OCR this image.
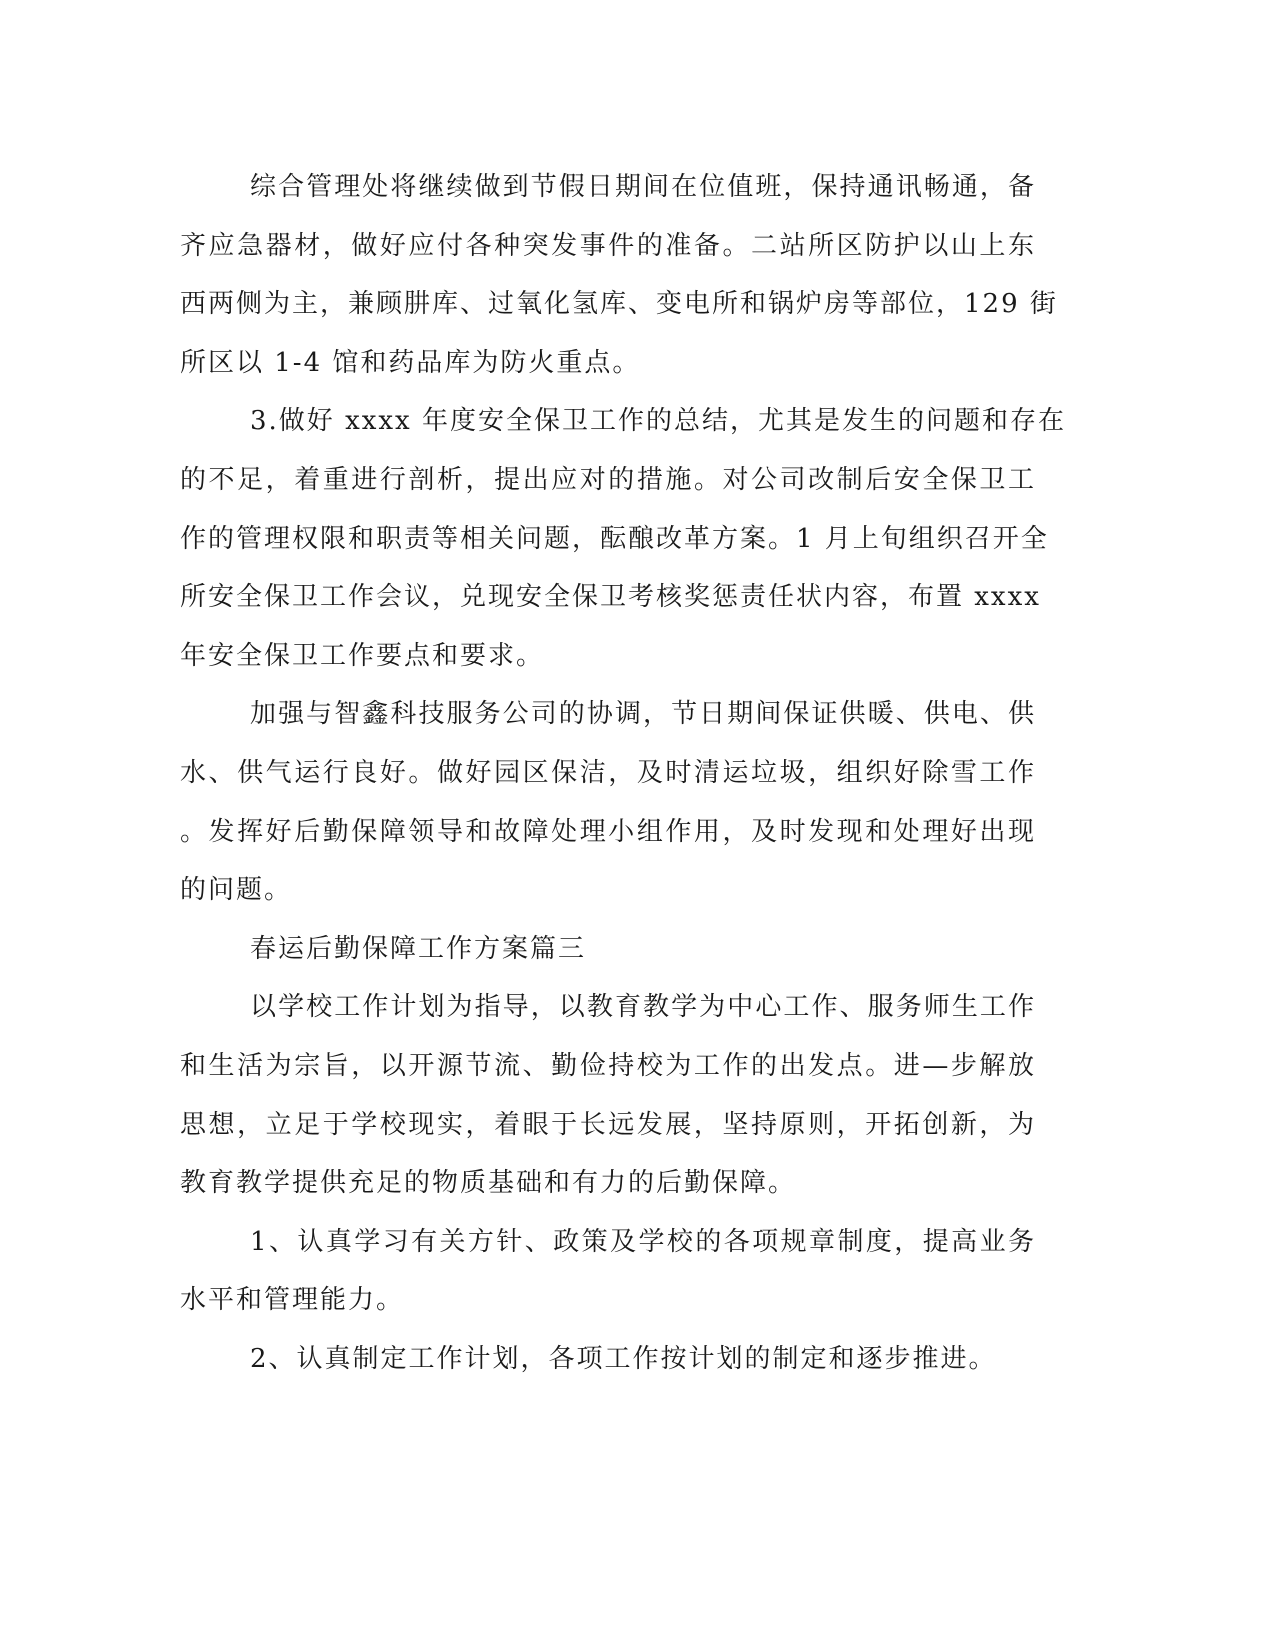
综合管理处将继续做到节假日期间在位值班，保持通讯畅通，备
齐应急器材，做好应付各种突发事件的准备。二站所区防护以山上东
西两侧为主，兼顾肼库、过氧化氢库、变电所和锅炉房等部位，129 街
所区以 1-4 馆和药品库为防火重点。
3.做好 xxxx 年度安全保卫工作的总结，尤其是发生的问题和存在
的不足，着重进行剖析，提出应对的措施。对公司改制后安全保卫工
作的管理权限和职责等相关问题，酝酿改革方案。1 月上旬组织召开全
所安全保卫工作会议，兑现安全保卫考核奖惩责任状内容，布置 xxxx
年安全保卫工作要点和要求。
加强与智鑫科技服务公司的协调，节日期间保证供暖、供电、供
水、供气运行良好。做好园区保洁，及时清运垃圾，组织好除雪工作
。发挥好后勤保障领导和故障处理小组作用，及时发现和处理好出现
的问题。
春运后勤保障工作方案篇三
以学校工作计划为指导，以教育教学为中心工作、服务师生工作
和生活为宗旨，以开源节流、勤俭持校为工作的出发点。进—步解放
思想，立足于学校现实，着眼于长远发展，坚持原则，开拓创新，为
教育教学提供充足的物质基础和有力的后勤保障。
1、认真学习有关方针、政策及学校的各项规章制度，提高业务
水平和管理能力。
2、认真制定工作计划，各项工作按计划的制定和逐步推进。
